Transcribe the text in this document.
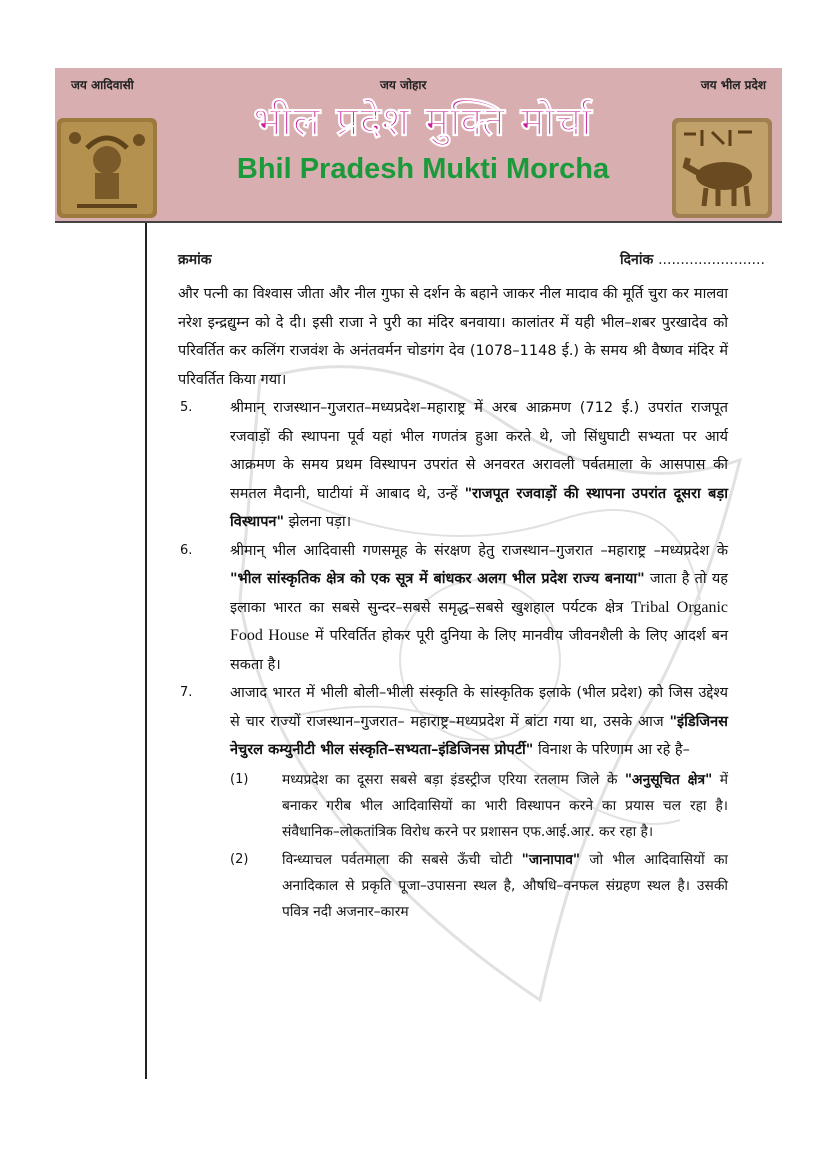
जय आदिवासी	जय जोहार	जय भील प्रदेश
भील प्रदेश मुक्ति मोर्चा
Bhil Pradesh Mukti Morcha
क्रमांक	दिनांक ........................

और पत्नी का विश्वास जीता और नील गुफा से दर्शन के बहाने जाकर नील मादाव की मूर्ति चुरा कर मालवा नरेश इन्द्रद्युम्न को दे दी। इसी राजा ने पुरी का मंदिर बनवाया। कालांतर में यही भील–शबर पुरखादेव को परिवर्तित कर कलिंग राजवंश के अनंतवर्मन चोडगंग देव (1078–1148 ई.) के समय श्री वैष्णव मंदिर में परिवर्तित किया गया।

5.	श्रीमान् राजस्थान–गुजरात–मध्यप्रदेश–महाराष्ट्र में अरब आक्रमण (712 ई.) उपरांत राजपूत रजवाड़ों की स्थापना पूर्व यहां भील गणतंत्र हुआ करते थे, जो सिंधुघाटी सभ्यता पर आर्य आक्रमण के समय प्रथम विस्थापन उपरांत से अनवरत अरावली पर्वतमाला के आसपास की समतल मैदानी, घाटीयां में आबाद थे, उन्हें "राजपूत रजवाड़ों की स्थापना उपरांत दूसरा बड़ा विस्थापन" झेलना पड़ा।
6.	श्रीमान् भील आदिवासी गणसमूह के संरक्षण हेतु राजस्थान–गुजरात –महाराष्ट्र –मध्यप्रदेश के "भील सांस्कृतिक क्षेत्र को एक सूत्र में बांधकर अलग भील प्रदेश राज्य बनाया" जाता है तो यह इलाका भारत का सबसे सुन्दर–सबसे समृद्ध–सबसे खुशहाल पर्यटक क्षेत्र Tribal Organic Food House में परिवर्तित होकर पूरी दुनिया के लिए मानवीय जीवनशैली के लिए आदर्श बन सकता है।
7.	आजाद भारत में भीली बोली–भीली संस्कृति के सांस्कृतिक इलाके (भील प्रदेश) को जिस उद्देश्य से चार राज्यों राजस्थान–गुजरात– महाराष्ट्र–मध्यप्रदेश में बांटा गया था, उसके आज "इंडिजिनस नेचुरल कम्युनीटी भील संस्कृति–सभ्यता–इंडिजिनस प्रोपर्टी" विनाश के परिणाम आ रहे है–
(1) मध्यप्रदेश का दूसरा सबसे बड़ा इंडस्ट्रीज एरिया रतलाम जिले के "अनुसूचित क्षेत्र" में बनाकर गरीब भील आदिवासियों का भारी विस्थापन करने का प्रयास चल रहा है। संवैधानिक–लोकतांत्रिक विरोध करने पर प्रशासन एफ.आई.आर. कर रहा है।
(2) विन्ध्याचल पर्वतमाला की सबसे ऊँची चोटी "जानापाव" जो भील आदिवासियों का अनादिकाल से प्रकृति पूजा–उपासना स्थल है, औषधि–वनफल संग्रहण स्थल है। उसकी पवित्र नदी अजनार–कारम
